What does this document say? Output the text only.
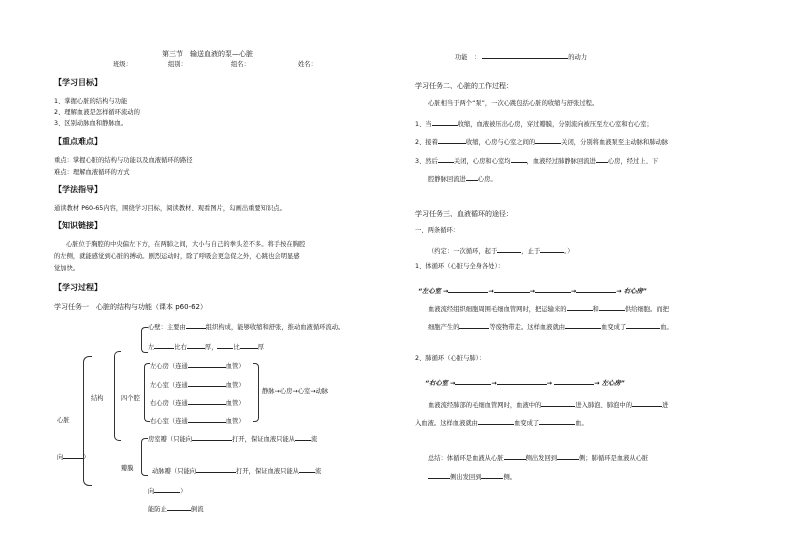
第三节　输送血液的泵—心脏
班级：	组别：	组名：	姓名：
【学习目标】
1、掌握心脏的结构与功能
2、理解血液是怎样循环流动的
3、区别动脉血和静脉血。
【重点难点】
重点：掌握心脏的结构与功能以及血液循环的路径
难点：理解血液循环的方式
【学法指导】
通读教材 P60-65内容，围绕学习目标，阅读教材、观看图片，勾画出重要知识点。
【知识链接】
心脏位于胸腔的中央偏左下方，在两肺之间，大小与自己的拳头差不多。将手按在胸腔
的左侧，就能感觉到心脏的搏动。剧烈运动时，除了呼吸会更急促之外，心跳也会明显感
觉加快。
【学习过程】
学习任务一　心脏的结构与功能（课本 p60-62）
心壁：主要由	组织构成，能够收缩和舒张，推动血液循环流动。
左	比右	厚，	比	厚
左心房（连通	血管）
左心室（连通	血管）
右心房（连通	血管）
右心室（连通	血管）
静脉→心房→心室→动脉
结构	四个腔
心脏
向	）
房室瓣（只能向	打开，保证血液只能从	流
瓣膜	动脉瓣（只能向	打开，保证血液只能从	流
向	）
能防止	倒流
功能　：	的动力
学习任务二、心脏的工作过程：
心脏相当于两个“泵”，一次心跳包括心脏的收缩与舒张过程。
1、当	收缩，血液被压出心房，穿过瓣膜，分别流向被压至左心室和右心室；
2、接着	收缩，心房与心室之间的	关闭，分别将血液泵至主动脉和肺动脉
3、然后	关闭，心房和心室均	，血液经过肺静脉回流进 心房，经过上、下
腔静脉回流进 心房。
学习任务三、血液循环的途径：
一、两条循环：
（约定：一次循环，起于	，止于	。）
1、体循环（心脏与全身各处）：
“左心室 →	→	→	→	→ 右心房”
血液流经组织细胞周围毛细血管网时，把运输来的	和	供给细胞。而把
细胞产生的	等废物带走。这样血液就由	血变成了	血。
2、肺循环（心脏与肺）：
“右心室 →	→	→	→ 左心房”
血液流经肺部的毛细血管网时，血液中的	进入肺泡、肺泡中的	进
入血液。这样血液就由	血变成了	血。
总结：体循环是血液从心脏	侧出发回到	侧；肺循环是血液从心脏
侧出发回到	侧。
